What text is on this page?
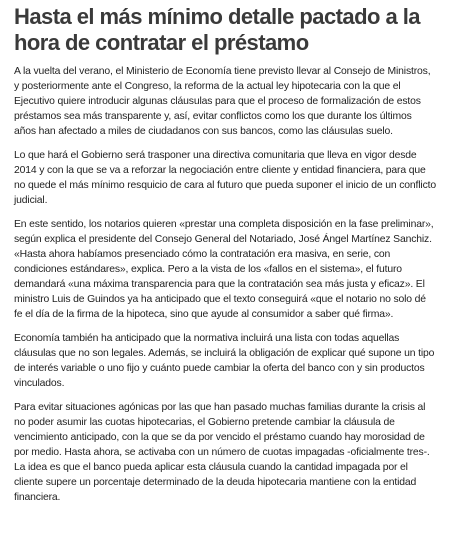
Hasta el más mínimo detalle pactado a la hora de contratar el préstamo

A la vuelta del verano, el Ministerio de Economía tiene previsto llevar al Consejo de Ministros, y posteriormente ante el Congreso, la reforma de la actual ley hipotecaria con la que el Ejecutivo quiere introducir algunas cláusulas para que el proceso de formalización de estos préstamos sea más transparente y, así, evitar conflictos como los que durante los últimos años han afectado a miles de ciudadanos con sus bancos, como las cláusulas suelo.

Lo que hará el Gobierno será trasponer una directiva comunitaria que lleva en vigor desde 2014 y con la que se va a reforzar la negociación entre cliente y entidad financiera, para que no quede el más mínimo resquicio de cara al futuro que pueda suponer el inicio de un conflicto judicial.

En este sentido, los notarios quieren «prestar una completa disposición en la fase preliminar», según explica el presidente del Consejo General del Notariado, José Ángel Martínez Sanchiz. «Hasta ahora habíamos presenciado cómo la contratación era masiva, en serie, con condiciones estándares», explica. Pero a la vista de los «fallos en el sistema», el futuro demandará «una máxima transparencia para que la contratación sea más justa y eficaz». El ministro Luis de Guindos ya ha anticipado que el texto conseguirá «que el notario no solo dé fe el día de la firma de la hipoteca, sino que ayude al consumidor a saber qué firma».

Economía también ha anticipado que la normativa incluirá una lista con todas aquellas cláusulas que no son legales. Además, se incluirá la obligación de explicar qué supone un tipo de interés variable o uno fijo y cuánto puede cambiar la oferta del banco con y sin productos vinculados.

Para evitar situaciones agónicas por las que han pasado muchas familias durante la crisis al no poder asumir las cuotas hipotecarias, el Gobierno pretende cambiar la cláusula de vencimiento anticipado, con la que se da por vencido el préstamo cuando hay morosidad de por medio. Hasta ahora, se activaba con un número de cuotas impagadas -oficialmente tres-. La idea es que el banco pueda aplicar esta cláusula cuando la cantidad impagada por el cliente supere un porcentaje determinado de la deuda hipotecaria mantiene con la entidad financiera.
